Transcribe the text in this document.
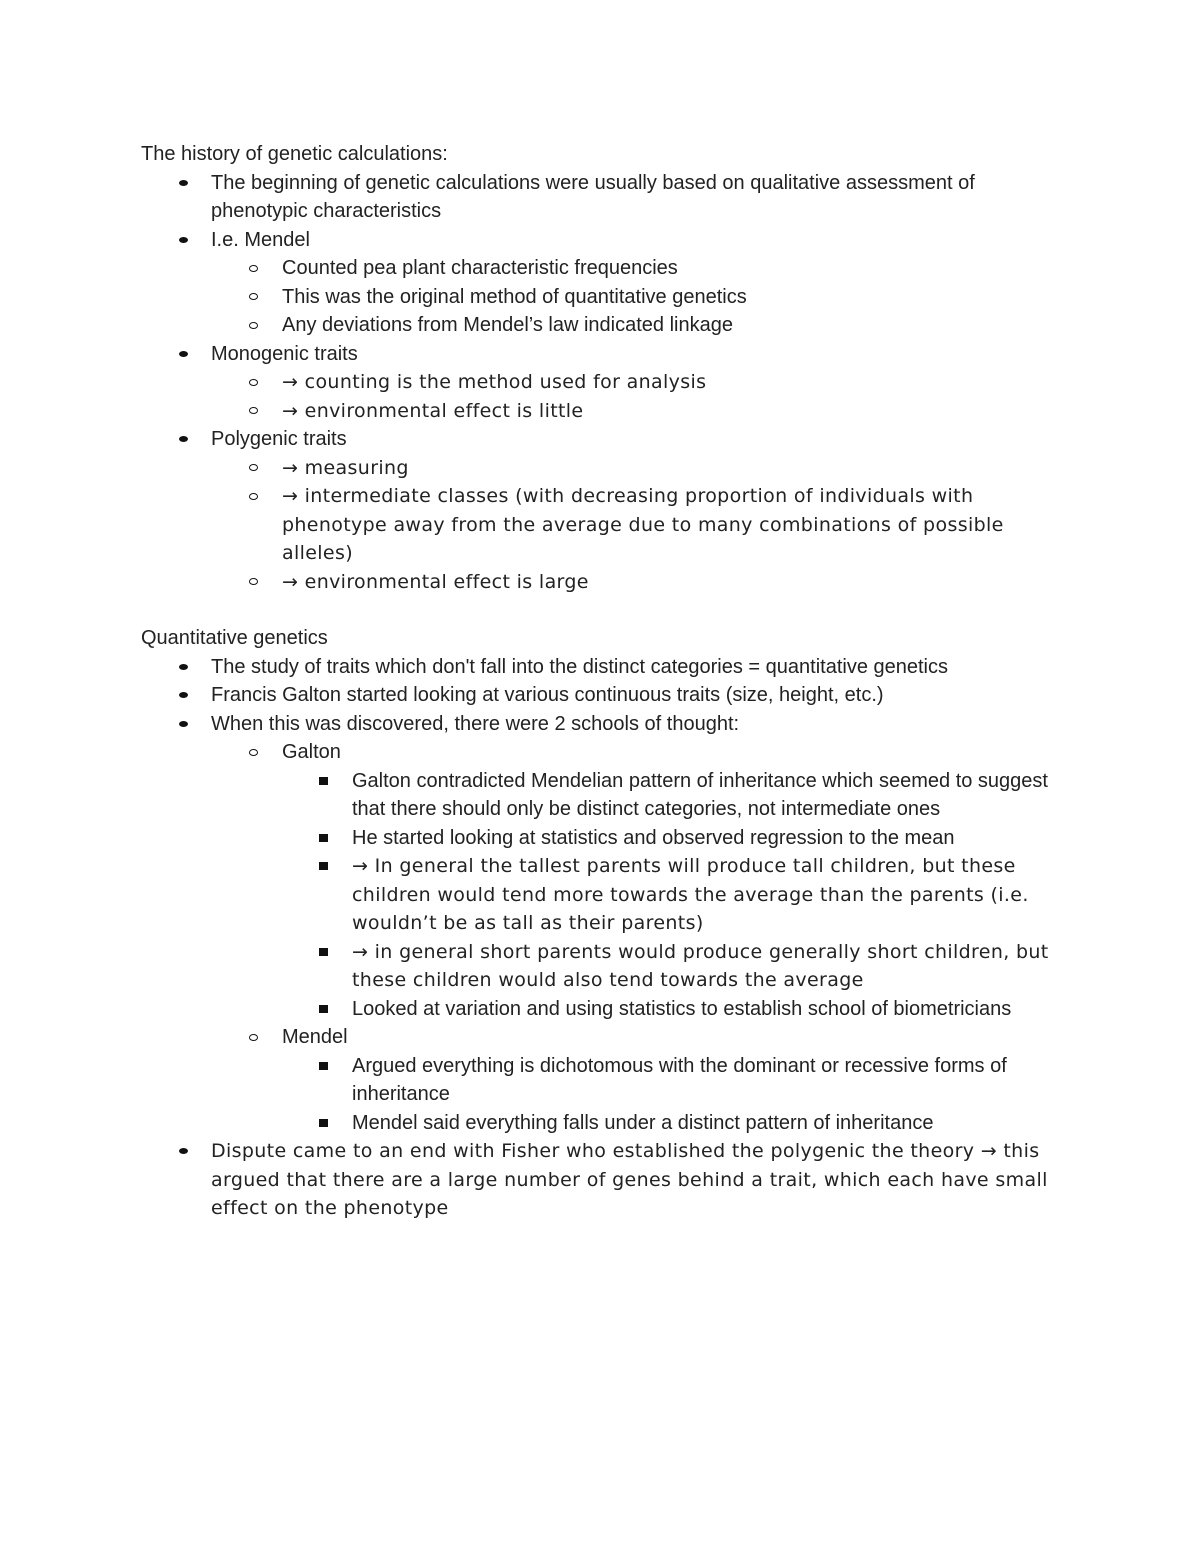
The history of genetic calculations:

The beginning of genetic calculations were usually based on qualitative assessment of phenotypic characteristics
I.e. Mendel
Counted pea plant characteristic frequencies
This was the original method of quantitative genetics
Any deviations from Mendel’s law indicated linkage
Monogenic traits
→ counting is the method used for analysis
→ environmental effect is little
Polygenic traits
→ measuring
→ intermediate classes (with decreasing proportion of individuals with phenotype away from the average due to many combinations of possible alleles)
→ environmental effect is large

Quantitative genetics

The study of traits which don't fall into the distinct categories = quantitative genetics
Francis Galton started looking at various continuous traits (size, height, etc.)
When this was discovered, there were 2 schools of thought:
Galton
Galton contradicted Mendelian pattern of inheritance which seemed to suggest that there should only be distinct categories, not intermediate ones
He started looking at statistics and observed regression to the mean
→ In general the tallest parents will produce tall children, but these children would tend more towards the average than the parents (i.e. wouldn’t be as tall as their parents)
→ in general short parents would produce generally short children, but these children would also tend towards the average
Looked at variation and using statistics to establish school of biometricians
Mendel
Argued everything is dichotomous with the dominant or recessive forms of inheritance
Mendel said everything falls under a distinct pattern of inheritance
Dispute came to an end with Fisher who established the polygenic the theory → this argued that there are a large number of genes behind a trait, which each have small effect on the phenotype
